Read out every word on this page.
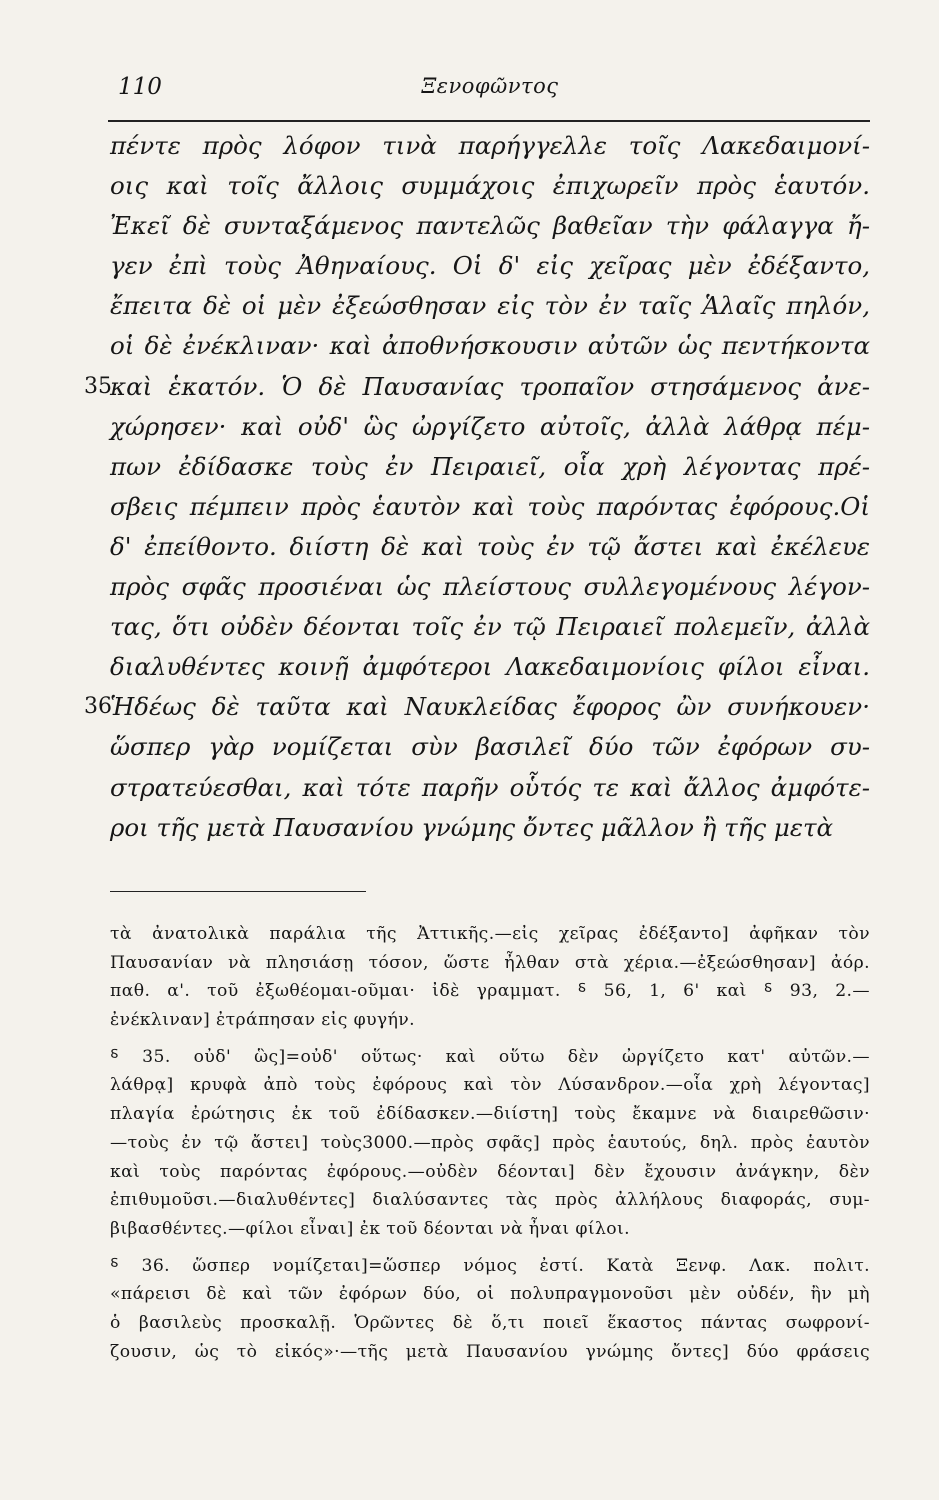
110	Ξενοφῶντος
πέντε πρὸς λόφον τινὰ παρήγγελλε τοῖς Λακεδαιμονί-
οις καὶ τοῖς ἄλλοις συμμάχοις ἐπιχωρεῖν πρὸς ἑαυτόν.
Ἐκεῖ δὲ συνταξάμενος παντελῶς βαθεῖαν τὴν φάλαγγα ἤ-
γεν ἐπὶ τοὺς Ἀθηναίους. Οἱ δ' εἰς χεῖρας μὲν ἐδέξαντο,
ἔπειτα δὲ οἱ μὲν ἐξεώσθησαν εἰς τὸν ἐν ταῖς Ἁλαῖς πηλόν,
οἱ δὲ ἐνέκλιναν· καὶ ἀποθνήσκουσιν αὐτῶν ὡς πεντήκοντα
35
καὶ ἑκατόν. Ὁ δὲ Παυσανίας τροπαῖον στησάμενος ἀνε-
χώρησεν· καὶ οὐδ' ὣς ὠργίζετο αὐτοῖς, ἀλλὰ λάθρᾳ πέμ-
πων ἐδίδασκε τοὺς ἐν Πειραιεῖ, οἷα χρὴ λέγοντας πρέ-
σβεις πέμπειν πρὸς ἑαυτὸν καὶ τοὺς παρόντας ἐφόρους.Οἱ
δ' ἐπείθοντο. διίστη δὲ καὶ τοὺς ἐν τῷ ἄστει καὶ ἐκέλευε
πρὸς σφᾶς προσιέναι ὡς πλείστους συλλεγομένους λέγον-
τας, ὅτι οὐδὲν δέονται τοῖς ἐν τῷ Πειραιεῖ πολεμεῖν, ἀλλὰ
διαλυθέντες κοινῇ ἀμφότεροι Λακεδαιμονίοις φίλοι εἶναι.
36
Ἡδέως δὲ ταῦτα καὶ Ναυκλείδας ἔφορος ὢν συνήκουεν·
ὥσπερ γὰρ νομίζεται σὺν βασιλεῖ δύο τῶν ἐφόρων συ-
στρατεύεσθαι, καὶ τότε παρῆν οὗτός τε καὶ ἄλλος ἀμφότε-
ροι τῆς μετὰ Παυσανίου γνώμης ὄντες μᾶλλον ἢ τῆς μετὰ
τὰ ἀνατολικὰ παράλια τῆς Ἀττικῆς.—εἰς χεῖρας ἐδέξαντο] ἀφῆκαν τὸν
Παυσανίαν νὰ πλησιάσῃ τόσον, ὥστε ἦλθαν στὰ χέρια.—ἐξεώσθησαν] ἀόρ.
παθ. α'. τοῦ ἐξωθέομαι-οῦμαι· ἰδὲ γραμματ. ⸹ 56, 1, 6' καὶ ⸹ 93, 2.—
ἐνέκλιναν] ἐτράπησαν εἰς φυγήν.
⸹ 35. οὐδ' ὣς]=οὐδ' οὕτως· καὶ οὕτω δὲν ὠργίζετο κατ' αὐτῶν.—
λάθρᾳ] κρυφὰ ἀπὸ τοὺς ἐφόρους καὶ τὸν Λύσανδρον.—οἷα χρὴ λέγοντας]
πλαγία ἐρώτησις ἐκ τοῦ ἐδίδασκεν.—διίστη] τοὺς ἔκαμνε νὰ διαιρεθῶσιν·
—τοὺς ἐν τῷ ἄστει] τοὺς3000.—πρὸς σφᾶς] πρὸς ἑαυτούς, δηλ. πρὸς ἑαυτὸν
καὶ τοὺς παρόντας ἐφόρους.—οὐδὲν δέονται] δὲν ἔχουσιν ἀνάγκην, δὲν
ἐπιθυμοῦσι.—διαλυθέντες] διαλύσαντες τὰς πρὸς ἀλλήλους διαφοράς, συμ-
βιβασθέντες.—φίλοι εἶναι] ἐκ τοῦ δέονται νὰ ἦναι φίλοι.
⸹ 36. ὥσπερ νομίζεται]=ὥσπερ νόμος ἐστί. Κατὰ Ξενφ. Λακ. πολιτ.
«πάρεισι δὲ καὶ τῶν ἐφόρων δύο, οἱ πολυπραγμονοῦσι μὲν οὐδέν, ἢν μὴ
ὁ βασιλεὺς προσκαλῇ. Ὁρῶντες δὲ ὅ,τι ποιεῖ ἕκαστος πάντας σωφρονί-
ζουσιν, ὡς τὸ εἰκός»·—τῆς μετὰ Παυσανίου γνώμης ὄντες] δύο φράσεις
